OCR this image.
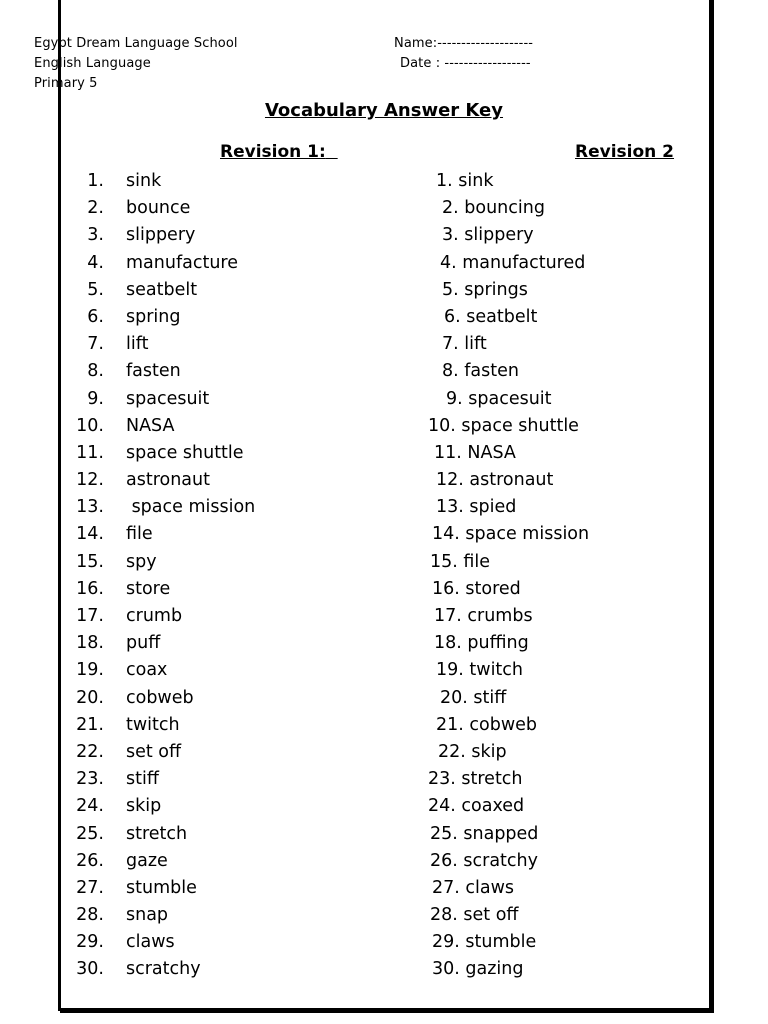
Egypt Dream Language School
English Language
Primary 5
Name:--------------------
Date : ------------------
Vocabulary Answer Key
Revision 1:	Revision 2
1. sink
2. bounce
3. slippery
4. manufacture
5. seatbelt
6. spring
7. lift
8. fasten
9. spacesuit
10. NASA
11. space shuttle
12. astronaut
13. space mission
14. file
15. spy
16. store
17. crumb
18. puff
19. coax
20. cobweb
21. twitch
22. set off
23. stiff
24. skip
25. stretch
26. gaze
27. stumble
28. snap
29. claws
30. scratchy
1. sink
2. bouncing
3. slippery
4. manufactured
5. springs
6. seatbelt
7. lift
8. fasten
9. spacesuit
10. space shuttle
11. NASA
12. astronaut
13. spied
14. space mission
15. file
16. stored
17. crumbs
18. puffing
19. twitch
20. stiff
21. cobweb
22. skip
23. stretch
24. coaxed
25. snapped
26. scratchy
27. claws
28. set off
29. stumble
30. gazing
